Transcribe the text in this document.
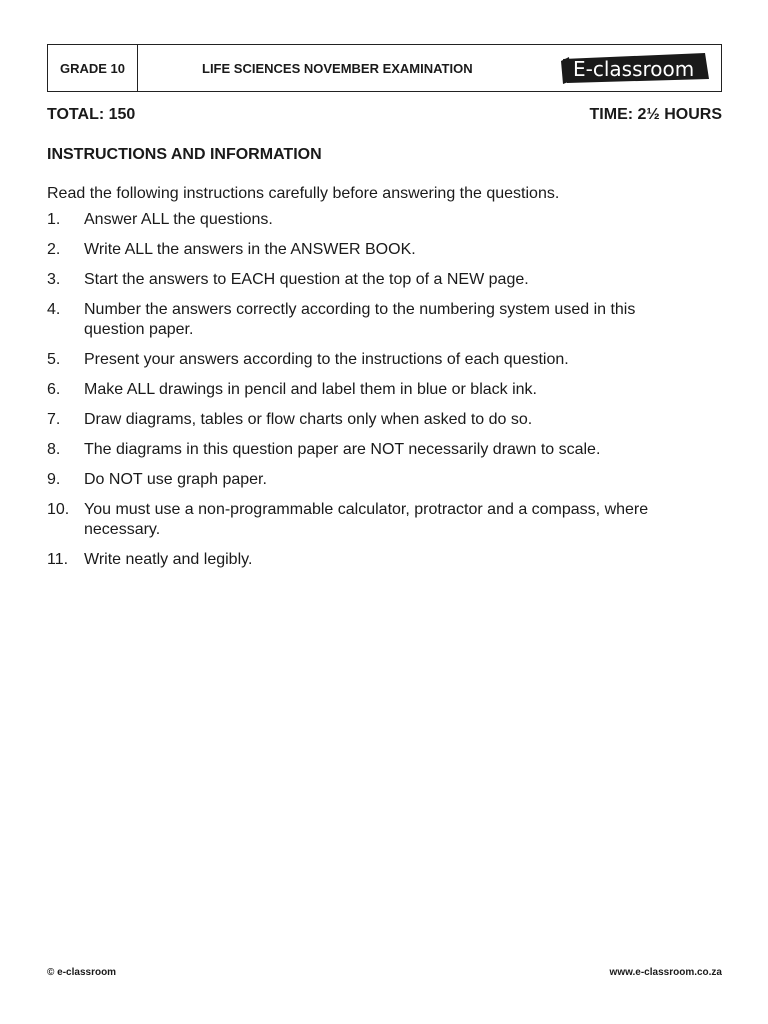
GRADE 10	LIFE SCIENCES NOVEMBER EXAMINATION	E-classroom
TOTAL: 150	TIME: 2½ HOURS
INSTRUCTIONS AND INFORMATION
Read the following instructions carefully before answering the questions.
1.	Answer ALL the questions.
2.	Write ALL the answers in the ANSWER BOOK.
3.	Start the answers to EACH question at the top of a NEW page.
4.	Number the answers correctly according to the numbering system used in this question paper.
5.	Present your answers according to the instructions of each question.
6.	Make ALL drawings in pencil and label them in blue or black ink.
7.	Draw diagrams, tables or flow charts only when asked to do so.
8.	The diagrams in this question paper are NOT necessarily drawn to scale.
9.	Do NOT use graph paper.
10. You must use a non-programmable calculator, protractor and a compass, where necessary.
11. Write neatly and legibly.
© e-classroom	www.e-classroom.co.za
